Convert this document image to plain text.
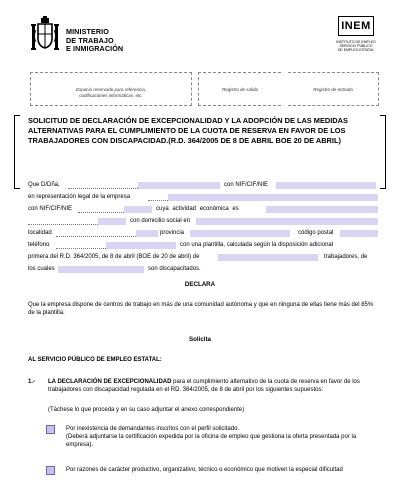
MINISTERIO
DE TRABAJO
E INMIGRACIÓN
INEM
INSTITUTO DE EMPLEO
SERVICIO PÚBLICO
DE EMPLEO ESTATAL
Espacio reservado para referencia,
codificaciones informáticas, etc.
Registro de salida	Registro de entrada
SOLICITUD DE DECLARACIÓN DE EXCEPCIONALIDAD Y LA ADOPCIÓN DE LAS MEDIDAS ALTERNATIVAS PARA EL CUMPLIMIENTO DE LA CUOTA DE RESERVA EN FAVOR DE LOS TRABAJADORES CON DISCAPACIDAD.(R.D. 364/2005 DE 8 DE ABRIL BOE 20 DE ABRIL)
Que D/Dña,	con NIF/CIF/NIE
en representación legal de la empresa
con NIF/CIF/NIE	cuya actividad económica es
con domicilio social en
localidad	provincia	código postal
teléfono	con una plantilla, calculada según la disposición adicional
primera del R.D. 364/2005, de 8 de abril (BOE de 20 de abril) de	trabajadores, de
los cuales	son discapacitados.
DECLARA
Que la empresa dispone de centros de trabajo en más de una comunidad autónoma y que en ninguna de ellas tiene más del 85% de la plantilla.
Solicita
AL SERVICIO PÚBLICO DE EMPLEO ESTATAL:
1.-	LA DECLARACIÓN DE EXCEPCIONALIDAD para el cumplimiento alternativo de la cuota de reserva en favor de los trabajadores con discapacidad regulada en el RD. 364/2005, de 8 de abril por los siguientes supuestos:
(Táchese lo que proceda y en su caso adjuntar el anexo correspondiente)
Por inexistencia de demandantes inscritos con el perfil solicitado.
(Deberá adjuntarse la certificación expedida por la oficina de empleo que gestiona la oferta presentada por la empresa).
Por razones de carácter productivo, organizativo, técnico o económico que motiven la especial dificultad
